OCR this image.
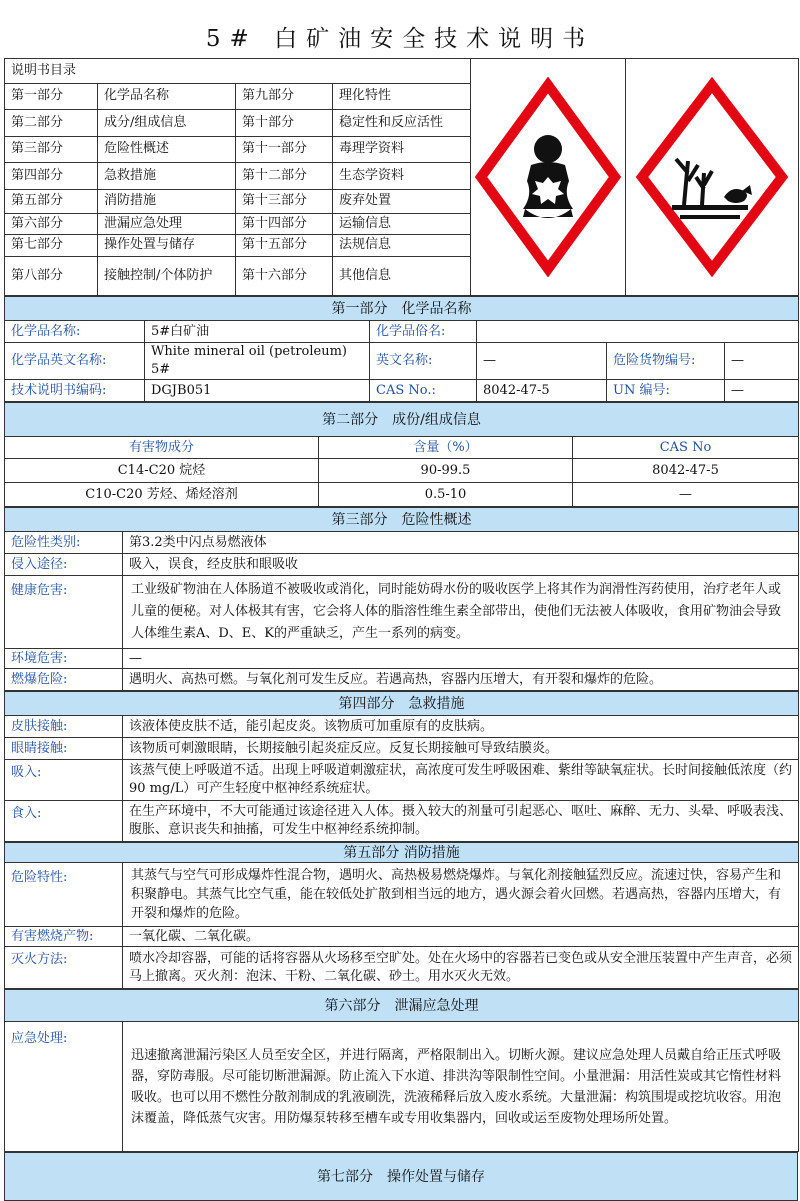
5# 白矿油安全技术说明书
说明书目录	

第一部分	化学品名称	第九部分	理化特性		
第二部分	成分/组成信息	第十部分	稳定性和反应活性		
第三部分	危险性概述	第十一部分	毒理学资料		
第四部分	急救措施	第十二部分	生态学资料		
第五部分	消防措施	第十三部分	废弃处置		
第六部分	泄漏应急处理	第十四部分	运输信息		
第七部分	操作处置与储存	第十五部分	法规信息		
第八部分	接触控制/个体防护	第十六部分	其他信息		
第一部分　化学品名称					
化学品名称:	5#白矿油	化学品俗名:			
化学品英文名称:	White mineral oil (petroleum) 5#	英文名称:	—	危险货物编号:	—
技术说明书编码:	DGJB051	CAS No.:	8042-47-5	UN 编号:	—
第二部分　成份/组成信息		
有害物成分	含量（%）	CAS No
C14-C20 烷烃	90-99.5	8042-47-5
C10-C20 芳烃、烯烃溶剂	0.5-10	—
第三部分　危险性概述	
危险性类别:	第3.2类中闪点易燃液体
侵入途径:	吸入，误食，经皮肤和眼吸收
健康危害:	工业级矿物油在人体肠道不被吸收或消化，同时能妨碍水份的吸收医学上将其作为润滑性泻药使用，治疗老年人或儿童的便秘。对人体极其有害，它会将人体的脂溶性维生素全部带出，使他们无法被人体吸收，食用矿物油会导致人体维生素A、D、E、K的严重缺乏，产生一系列的病变。
环境危害:	—
燃爆危险:	遇明火、高热可燃。与氧化剂可发生反应。若遇高热，容器内压增大，有开裂和爆炸的危险。
第四部分　急救措施	
皮肤接触:	该液体使皮肤不适，能引起皮炎。该物质可加重原有的皮肤病。
眼睛接触:	该物质可刺激眼睛，长期接触引起炎症反应。反复长期接触可导致结膜炎。
吸入:	该蒸气使上呼吸道不适。出现上呼吸道刺激症状，高浓度可发生呼吸困难、紫绀等缺氧症状。长时间接触低浓度（约90 mg/L）可产生轻度中枢神经系统症状。
食入:	在生产环境中，不大可能通过该途径进入人体。摄入较大的剂量可引起恶心、呕吐、麻醉、无力、头晕、呼吸表浅、腹胀、意识丧失和抽搐，可发生中枢神经系统抑制。
第五部分 消防措施	
危险特性:	其蒸气与空气可形成爆炸性混合物，遇明火、高热极易燃烧爆炸。与氧化剂接触猛烈反应。流速过快，容易产生和积聚静电。其蒸气比空气重，能在较低处扩散到相当远的地方，遇火源会着火回燃。若遇高热，容器内压增大，有开裂和爆炸的危险。
有害燃烧产物:	一氧化碳、二氧化碳。
灭火方法:	喷水冷却容器，可能的话将容器从火场移至空旷处。处在火场中的容器若已变色或从安全泄压装置中产生声音，必须马上撤离。灭火剂：泡沫、干粉、二氧化碳、砂土。用水灭火无效。
第六部分　泄漏应急处理
应急处理:	迅速撤离泄漏污染区人员至安全区，并进行隔离，严格限制出入。切断火源。建议应急处理人员戴自给正压式呼吸器，穿防毒服。尽可能切断泄漏源。防止流入下水道、排洪沟等限制性空间。小量泄漏：用活性炭或其它惰性材料吸收。也可以用不燃性分散剂制成的乳液刷洗，洗液稀释后放入废水系统。大量泄漏：构筑围堤或挖坑收容。用泡沫覆盖，降低蒸气灾害。用防爆泵转移至槽车或专用收集器内，回收或运至废物处理场所处置。
第七部分　操作处置与储存
